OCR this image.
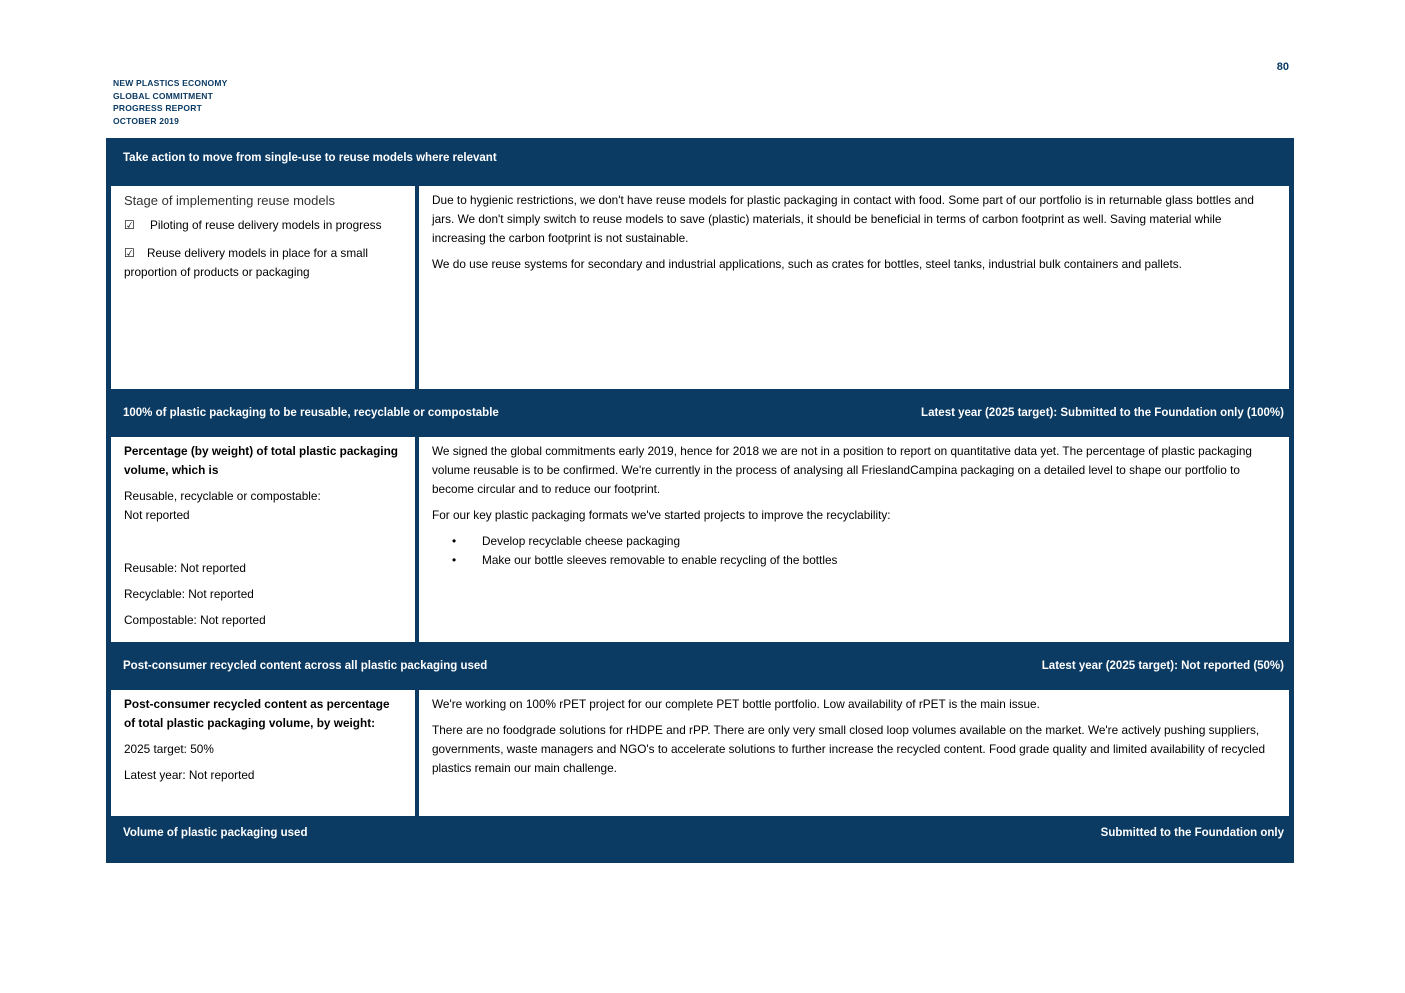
NEW PLASTICS ECONOMY
GLOBAL COMMITMENT
PROGRESS REPORT
OCTOBER 2019
80
Take action to move from single-use to reuse models where relevant

Stage of implementing reuse models

☑	Piloting of reuse delivery models in progress

☑ Reuse delivery models in place for a small proportion of products or packaging

Due to hygienic restrictions, we don't have reuse models for plastic packaging in contact with food. Some part of our portfolio is in returnable glass bottles and jars. We don't simply switch to reuse models to save (plastic) materials, it should be beneficial in terms of carbon footprint as well. Saving material while increasing the carbon footprint is not sustainable.

We do use reuse systems for secondary and industrial applications, such as crates for bottles, steel tanks, industrial bulk containers and pallets.

100% of plastic packaging to be reusable, recyclable or compostable	Latest year (2025 target): Submitted to the Foundation only (100%)

Percentage (by weight) of total plastic packaging volume, which is

Reusable, recyclable or compostable:
Not reported

Reusable: Not reported

Recyclable: Not reported

Compostable: Not reported

We signed the global commitments early 2019, hence for 2018 we are not in a position to report on quantitative data yet. The percentage of plastic packaging volume reusable is to be confirmed. We're currently in the process of analysing all FrieslandCampina packaging on a detailed level to shape our portfolio to become circular and to reduce our footprint.

For our key plastic packaging formats we've started projects to improve the recyclability:

•	Develop recyclable cheese packaging
•	Make our bottle sleeves removable to enable recycling of the bottles
Post-consumer recycled content across all plastic packaging used	Latest year (2025 target): Not reported (50%)

Post-consumer recycled content as percentage of total plastic packaging volume, by weight:

2025 target: 50%

Latest year: Not reported

We're working on 100% rPET project for our complete PET bottle portfolio. Low availability of rPET is the main issue.

There are no foodgrade solutions for rHDPE and rPP. There are only very small closed loop volumes available on the market. We're actively pushing suppliers, governments, waste managers and NGO's to accelerate solutions to further increase the recycled content. Food grade quality and limited availability of recycled plastics remain our main challenge.

Volume of plastic packaging used	Submitted to the Foundation only
